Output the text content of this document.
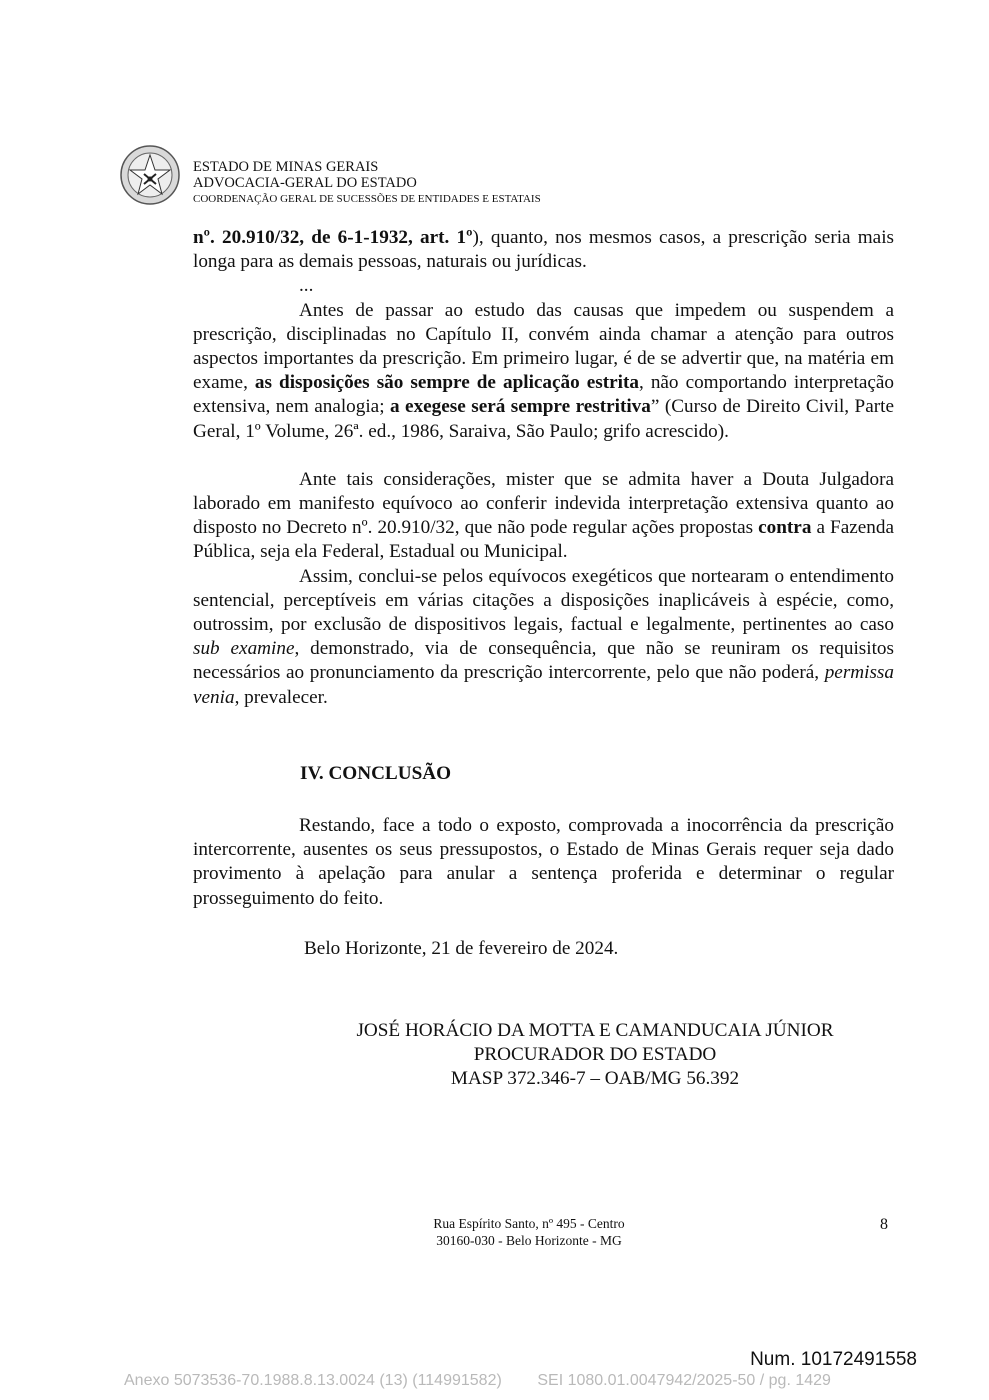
ESTADO DE MINAS GERAIS
ADVOCACIA-GERAL DO ESTADO
COORDENAÇÃO GERAL DE SUCESSÕES DE ENTIDADES E ESTATAIS

nº. 20.910/32, de 6-1-1932, art. 1º), quanto, nos mesmos casos, a prescrição seria mais longa para as demais pessoas, naturais ou jurídicas.

...

Antes de passar ao estudo das causas que impedem ou suspendem a prescrição, disciplinadas no Capítulo II, convém ainda chamar a atenção para outros aspectos importantes da prescrição. Em primeiro lugar, é de se advertir que, na matéria em exame, as disposições são sempre de aplicação estrita, não comportando interpretação extensiva, nem analogia; a exegese será sempre restritiva” (Curso de Direito Civil, Parte Geral, 1º Volume, 26ª. ed., 1986, Saraiva, São Paulo; grifo acrescido).

Ante tais considerações, mister que se admita haver a Douta Julgadora laborado em manifesto equívoco ao conferir indevida interpretação extensiva quanto ao disposto no Decreto nº. 20.910/32, que não pode regular ações propostas contra a Fazenda Pública, seja ela Federal, Estadual ou Municipal.

Assim, conclui-se pelos equívocos exegéticos que nortearam o entendimento sentencial, perceptíveis em várias citações a disposições inaplicáveis à espécie, como, outrossim, por exclusão de dispositivos legais, factual e legalmente, pertinentes ao caso sub examine, demonstrado, via de consequência, que não se reuniram os requisitos necessários ao pronunciamento da prescrição intercorrente, pelo que não poderá, permissa venia, prevalecer.

IV. CONCLUSÃO

Restando, face a todo o exposto, comprovada a inocorrência da prescrição intercorrente, ausentes os seus pressupostos, o Estado de Minas Gerais requer seja dado provimento à apelação para anular a sentença proferida e determinar o regular prosseguimento do feito.

Belo Horizonte, 21 de fevereiro de 2024.

JOSÉ HORÁCIO DA MOTTA E CAMANDUCAIA JÚNIOR
PROCURADOR DO ESTADO
MASP 372.346-7 – OAB/MG 56.392
Rua Espírito Santo, nº 495 - Centro
30160-030 - Belo Horizonte - MG
8
Num. 10172491558
Anexo 5073536-70.1988.8.13.0024 (13) (114991582)        SEI 1080.01.0047942/2025-50 / pg. 1429
